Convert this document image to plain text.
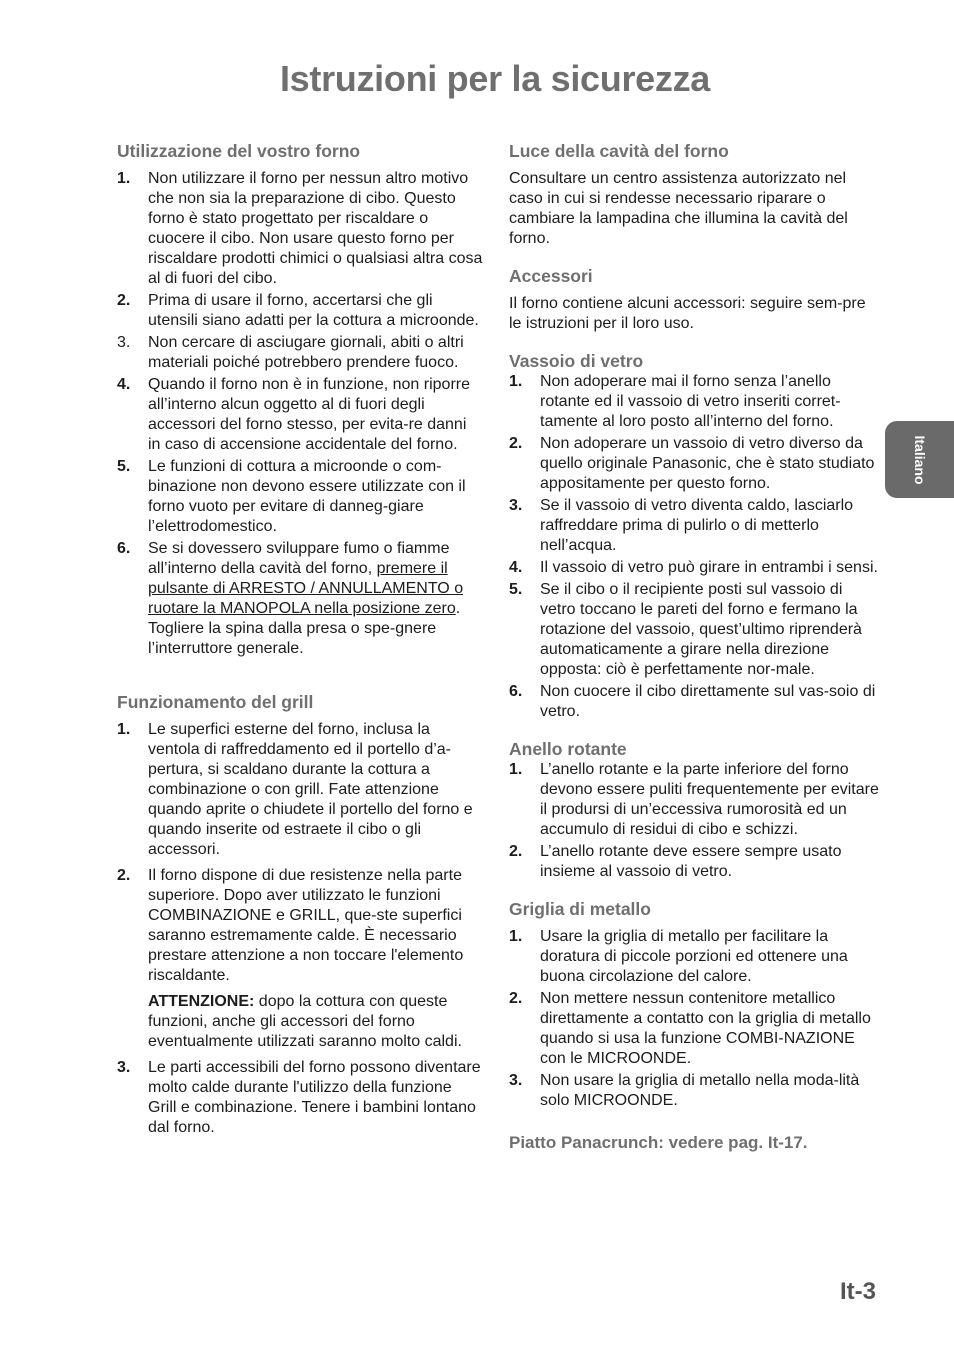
Istruzioni per la sicurezza
Utilizzazione del vostro forno
1. Non utilizzare il forno per nessun altro motivo che non sia la preparazione di cibo. Questo forno è stato progettato per riscaldare o cuocere il cibo. Non usare questo forno per riscaldare prodotti chimici o qualsiasi altra cosa al di fuori del cibo.
2. Prima di usare il forno, accertarsi che gli utensili siano adatti per la cottura a microonde.
3. Non cercare di asciugare giornali, abiti o altri materiali poiché potrebbero prendere fuoco.
4. Quando il forno non è in funzione, non riporre all’interno alcun oggetto al di fuori degli accessori del forno stesso, per evita-re danni in caso di accensione accidentale del forno.
5. Le funzioni di cottura a microonde o com-binazione non devono essere utilizzate con il forno vuoto per evitare di danneg-giare l’elettrodomestico.
6. Se si dovessero sviluppare fumo o fiamme all’interno della cavità del forno, premere il pulsante di ARRESTO / ANNULLAMENTO o ruotare la MANOPOLA nella posizione zero. Togliere la spina dalla presa o spe-gnere l’interruttore generale.
Funzionamento del grill
1. Le superfici esterne del forno, inclusa la ventola di raffreddamento ed il portello d’a-pertura, si scaldano durante la cottura a combinazione o con grill. Fate attenzione quando aprite o chiudete il portello del forno e quando inserite od estraete il cibo o gli accessori.
2. Il forno dispone di due resistenze nella parte superiore. Dopo aver utilizzato le funzioni COMBINAZIONE e GRILL, que-ste superfici saranno estremamente calde. È necessario prestare attenzione a non toccare l'elemento riscaldante.
ATTENZIONE: dopo la cottura con queste funzioni, anche gli accessori del forno eventualmente utilizzati saranno molto caldi.
3. Le parti accessibili del forno possono diventare molto calde durante l'utilizzo della funzione Grill e combinazione. Tenere i bambini lontano dal forno.
Luce della cavità del forno

Consultare un centro assistenza autorizzato nel caso in cui si rendesse necessario riparare o cambiare la lampadina che illumina la cavità del forno.

Accessori

Il forno contiene alcuni accessori: seguire sem-pre le istruzioni per il loro uso.

Vassoio di vetro
1. Non adoperare mai il forno senza l’anello rotante ed il vassoio di vetro inseriti corret-tamente al loro posto all’interno del forno.
2. Non adoperare un vassoio di vetro diverso da quello originale Panasonic, che è stato studiato appositamente per questo forno.
3. Se il vassoio di vetro diventa caldo, lasciarlo raffreddare prima di pulirlo o di metterlo nell’acqua.
4. Il vassoio di vetro può girare in entrambi i sensi.
5. Se il cibo o il recipiente posti sul vassoio di vetro toccano le pareti del forno e fermano la rotazione del vassoio, quest’ultimo riprenderà automaticamente a girare nella direzione opposta: ciò è perfettamente nor-male.
6. Non cuocere il cibo direttamente sul vas-soio di vetro.
Anello rotante
1. L’anello rotante e la parte inferiore del forno devono essere puliti frequentemente per evitare il prodursi di un’eccessiva rumorosità ed un accumulo di residui di cibo e schizzi.
2. L’anello rotante deve essere sempre usato insieme al vassoio di vetro.
Griglia di metallo
1. Usare la griglia di metallo per facilitare la doratura di piccole porzioni ed ottenere una buona circolazione del calore.
2. Non mettere nessun contenitore metallico direttamente a contatto con la griglia di metallo quando si usa la funzione COMBI-NAZIONE con le MICROONDE.
3. Non usare la griglia di metallo nella moda-lità solo MICROONDE.

Piatto Panacrunch: vedere pag. It-17.

Italiano
It-3
